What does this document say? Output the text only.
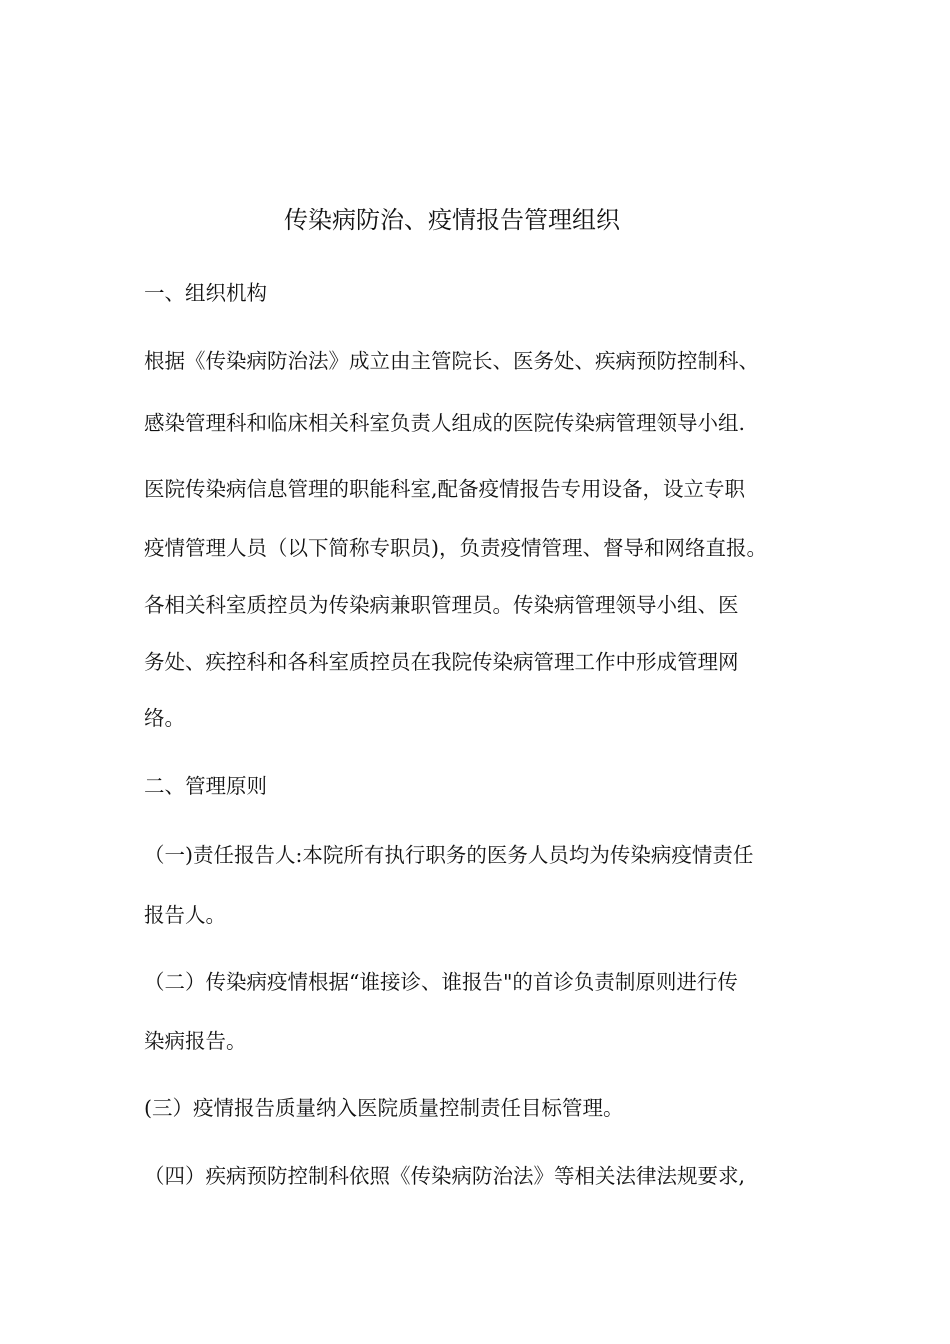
传染病防治、疫情报告管理组织

一、组织机构

根据《传染病防治法》成立由主管院长、医务处、疾病预防控制科、

感染管理科和临床相关科室负责人组成的医院传染病管理领导小组.

医院传染病信息管理的职能科室,配备疫情报告专用设备，设立专职

疫情管理人员（以下简称专职员)，负责疫情管理、督导和网络直报。

各相关科室质控员为传染病兼职管理员。传染病管理领导小组、医

务处、疾控科和各科室质控员在我院传染病管理工作中形成管理网

络。

二、管理原则

（一)责任报告人:本院所有执行职务的医务人员均为传染病疫情责任

报告人。

（二）传染病疫情根据“谁接诊、谁报告"的首诊负责制原则进行传

染病报告。

(三）疫情报告质量纳入医院质量控制责任目标管理。

（四）疾病预防控制科依照《传染病防治法》等相关法律法规要求,
